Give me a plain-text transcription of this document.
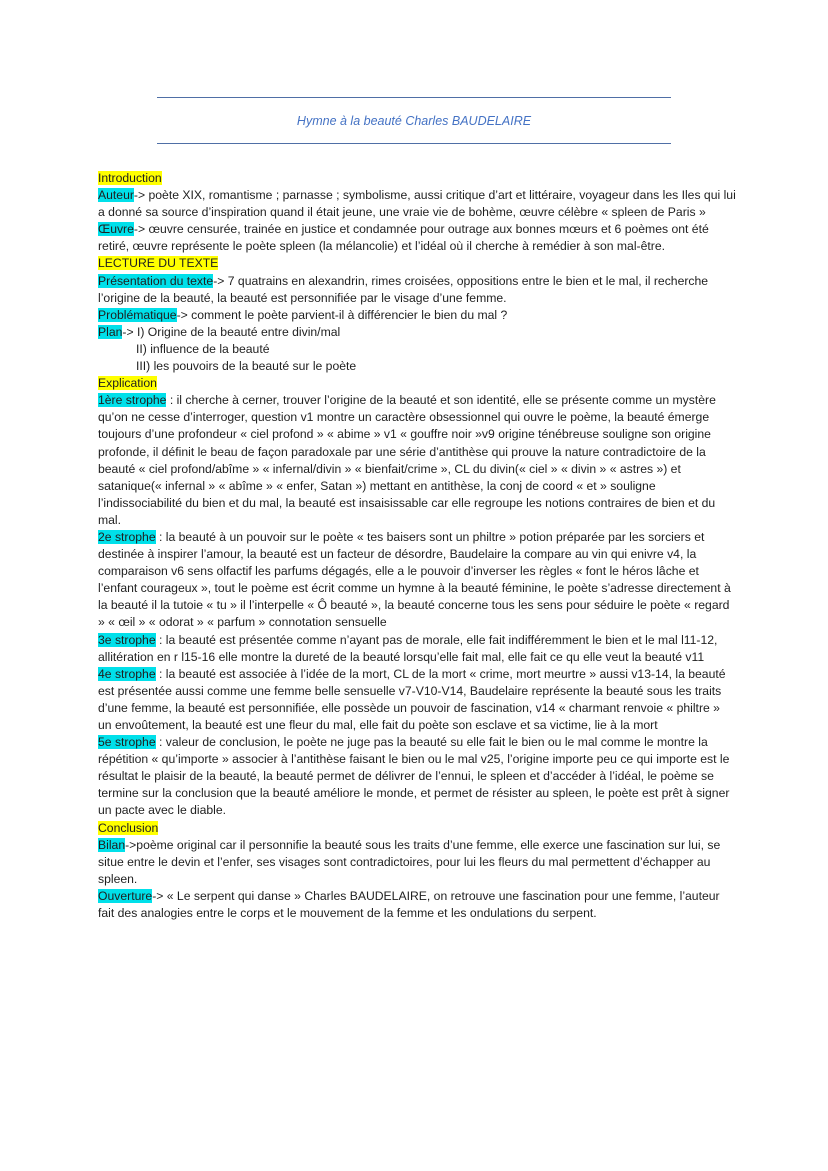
Hymne à la beauté Charles BAUDELAIRE

Introduction

Auteur-> poète XIX, romantisme ; parnasse ; symbolisme, aussi critique d’art et littéraire, voyageur dans les Iles qui lui a donné sa source d’inspiration quand il était jeune, une vraie vie de bohème, œuvre célèbre « spleen de Paris »

Œuvre-> œuvre censurée, trainée en justice et condamnée pour outrage aux bonnes mœurs et 6 poèmes ont été retiré, œuvre représente le poète spleen (la mélancolie) et l’idéal où il cherche à remédier à son mal-être.

LECTURE DU TEXTE

Présentation du texte-> 7 quatrains en alexandrin, rimes croisées, oppositions entre le bien et le mal, il recherche l’origine de la beauté, la beauté est personnifiée par le visage d’une femme.

Problématique-> comment le poète parvient-il à différencier le bien du mal ?

Plan-> I) Origine de la beauté entre divin/mal

II) influence de la beauté

III) les pouvoirs de la beauté sur le poète

Explication

1ère strophe : il cherche à cerner, trouver l’origine de la beauté et son identité, elle se présente comme un mystère qu’on ne cesse d’interroger, question v1 montre un caractère obsessionnel qui ouvre le poème, la beauté émerge toujours d’une profondeur « ciel profond » « abime » v1 « gouffre noir »v9 origine ténébreuse souligne son origine profonde, il définit le beau de façon paradoxale par une série d’antithèse qui prouve la nature contradictoire de la beauté « ciel profond/abîme » « infernal/divin » « bienfait/crime », CL du divin(« ciel » « divin » « astres ») et satanique(« infernal » « abîme » « enfer, Satan ») mettant en antithèse, la conj de coord « et » souligne l’indissociabilité du bien et du mal, la beauté est insaisissable car elle regroupe les notions contraires de bien et du mal.

2e strophe : la beauté à un pouvoir sur le poète « tes baisers sont un philtre » potion préparée par les sorciers et destinée à inspirer l’amour, la beauté est un facteur de désordre, Baudelaire la compare au vin qui enivre v4, la comparaison v6 sens olfactif les parfums dégagés, elle a le pouvoir d’inverser les règles « font le héros lâche et l’enfant courageux », tout le poème est écrit comme un hymne à la beauté féminine, le poète s’adresse directement à la beauté il la tutoie « tu » il l’interpelle « Ô beauté », la beauté concerne tous les sens pour séduire le poète « regard » « œil » « odorat » « parfum » connotation sensuelle

3e strophe : la beauté est présentée comme n’ayant pas de morale, elle fait indifféremment le bien et le mal l11-12, allitération en r l15-16 elle montre la dureté de la beauté lorsqu’elle fait mal, elle fait ce qu elle veut la beauté v11

4e strophe : la beauté est associée à l’idée de la mort, CL de la mort « crime, mort meurtre » aussi v13-14, la beauté est présentée aussi comme une femme belle sensuelle v7-V10-V14, Baudelaire représente la beauté sous les traits d’une femme, la beauté est personnifiée, elle possède un pouvoir de fascination, v14 « charmant renvoie « philtre » un envoûtement, la beauté est une fleur du mal, elle fait du poète son esclave et sa victime, lie à la mort

5e strophe : valeur de conclusion, le poète ne juge pas la beauté su elle fait le bien ou le mal comme le montre la répétition « qu’importe » associer à l’antithèse faisant le bien ou le mal v25, l’origine importe peu ce qui importe est le résultat le plaisir de la beauté, la beauté permet de délivrer de l’ennui, le spleen et d’accéder à l’idéal, le poème se termine sur la conclusion que la beauté améliore le monde, et permet de résister au spleen, le poète est prêt à signer un pacte avec le diable.

Conclusion

Bilan->poème original car il personnifie la beauté sous les traits d’une femme, elle exerce une fascination sur lui, se situe entre le devin et l’enfer, ses visages sont contradictoires, pour lui les fleurs du mal permettent d’échapper au spleen.

Ouverture-> « Le serpent qui danse » Charles BAUDELAIRE, on retrouve une fascination pour une femme, l’auteur fait des analogies entre le corps et le mouvement de la femme et les ondulations du serpent.
